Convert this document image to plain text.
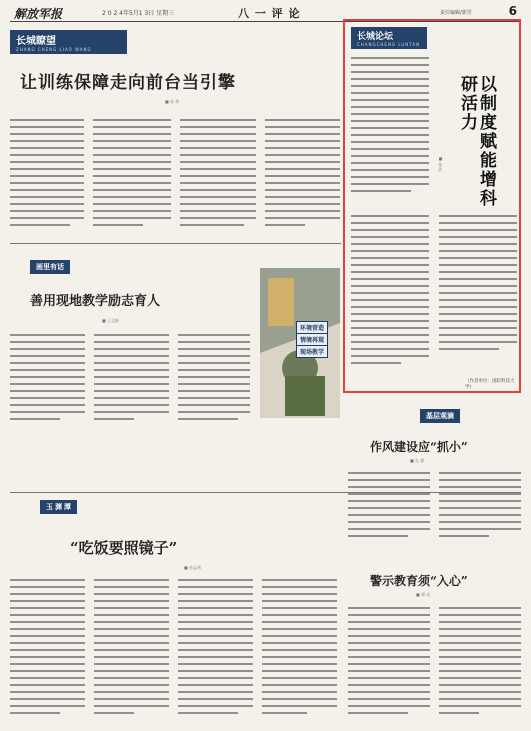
解放军报	2 0 2 4年5月1 3日 星期三	八 一 评 论	责任编辑/郭雪	6
长城瞭望
ZHANG CHENG LIAO WANG
让训练保障走向前台当引擎
■ 苏 伟
长城论坛
CHANGCHENG LUNTAN
以制度赋能增科研活力
■ 张 武
（作者单位：国防科技大学）
画里有话
善用现地教学励志育人
■ 王文彬
环境营造
情境再现
现场教学
玉 渊 潭
“吃饭要照镜子”
■ 孙孟伟
基层观滴
作风建设应“抓小”
■ 孔 毅
警示教育须“入心”
■ 郑 宏
